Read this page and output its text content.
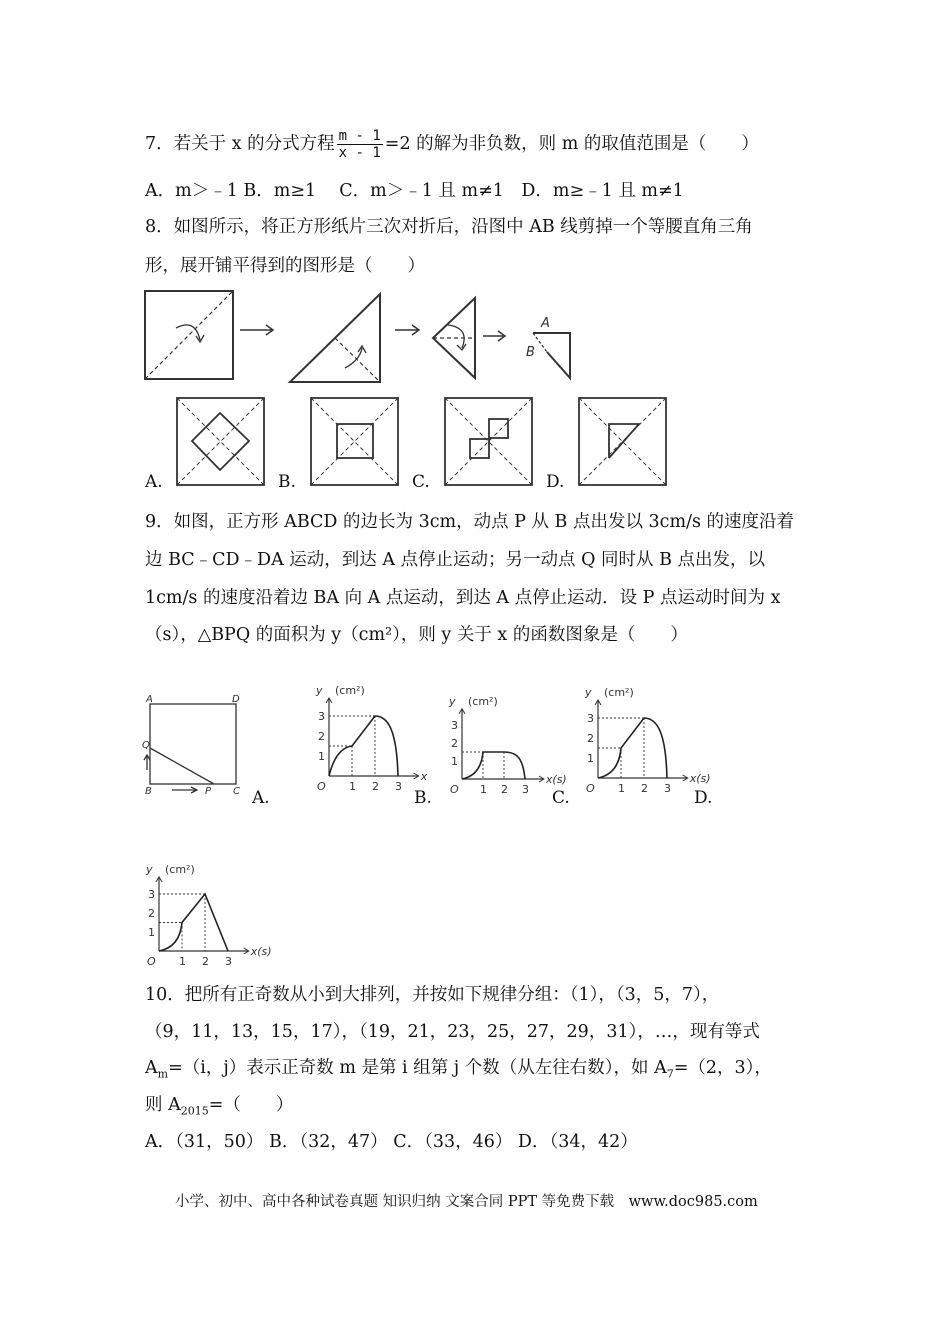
7．若关于 x 的分式方程 $\frac{m - 1}{x - 1} =2$ 的解为非负数，则 m 的取值范围是（　　）
A．m＞﹣1 B．m≥1　 C．m＞﹣1 且 m≠1　D．m≥﹣1 且 m≠1
8．如图所示，将正方形纸片三次对折后，沿图中 AB 线剪掉一个等腰直角三角
形，展开铺平得到的图形是（　　）
A
B
A.	B.	C.	D.
9．如图，正方形 ABCD 的边长为 3cm，动点 P 从 B 点出发以 3cm/s 的速度沿着
边 BC﹣CD﹣DA 运动，到达 A 点停止运动；另一动点 Q 同时从 B 点出发，以
1cm/s 的速度沿着边 BA 向 A 点运动，到达 A 点停止运动．设 P 点运动时间为 x
（s），△BPQ 的面积为 y（cm²），则 y 关于 x 的函数图象是（　　）
A	D
Q
B	P C A.	B.	C.	D.
1
1
2
2
3
3
O
y (cm²)
x
1
1
2
2
3
3
O
y (cm²)
x(s)
1
1
2
2
3
3
O
y (cm²)
x(s)
1
1
2
2
3
3
O
y (cm²)
x(s)
10．把所有正奇数从小到大排列，并按如下规律分组：（1），（3，5，7），
（9，11，13，15，17），（19，21，23，25，27，29，31），…，现有等式
$A_m=(i$，j）表示正奇数 m 是第 i 组第 j 个数（从左往右数），如 $A_7=(2$，3），
则 $A_{2015}=$（　　）
A．（31，50） B．（32，47） C．（33，46） D．（34，42）
小学、初中、高中各种试卷真题 知识归纳 文案合同 PPT 等免费下载　www.doc985.com
